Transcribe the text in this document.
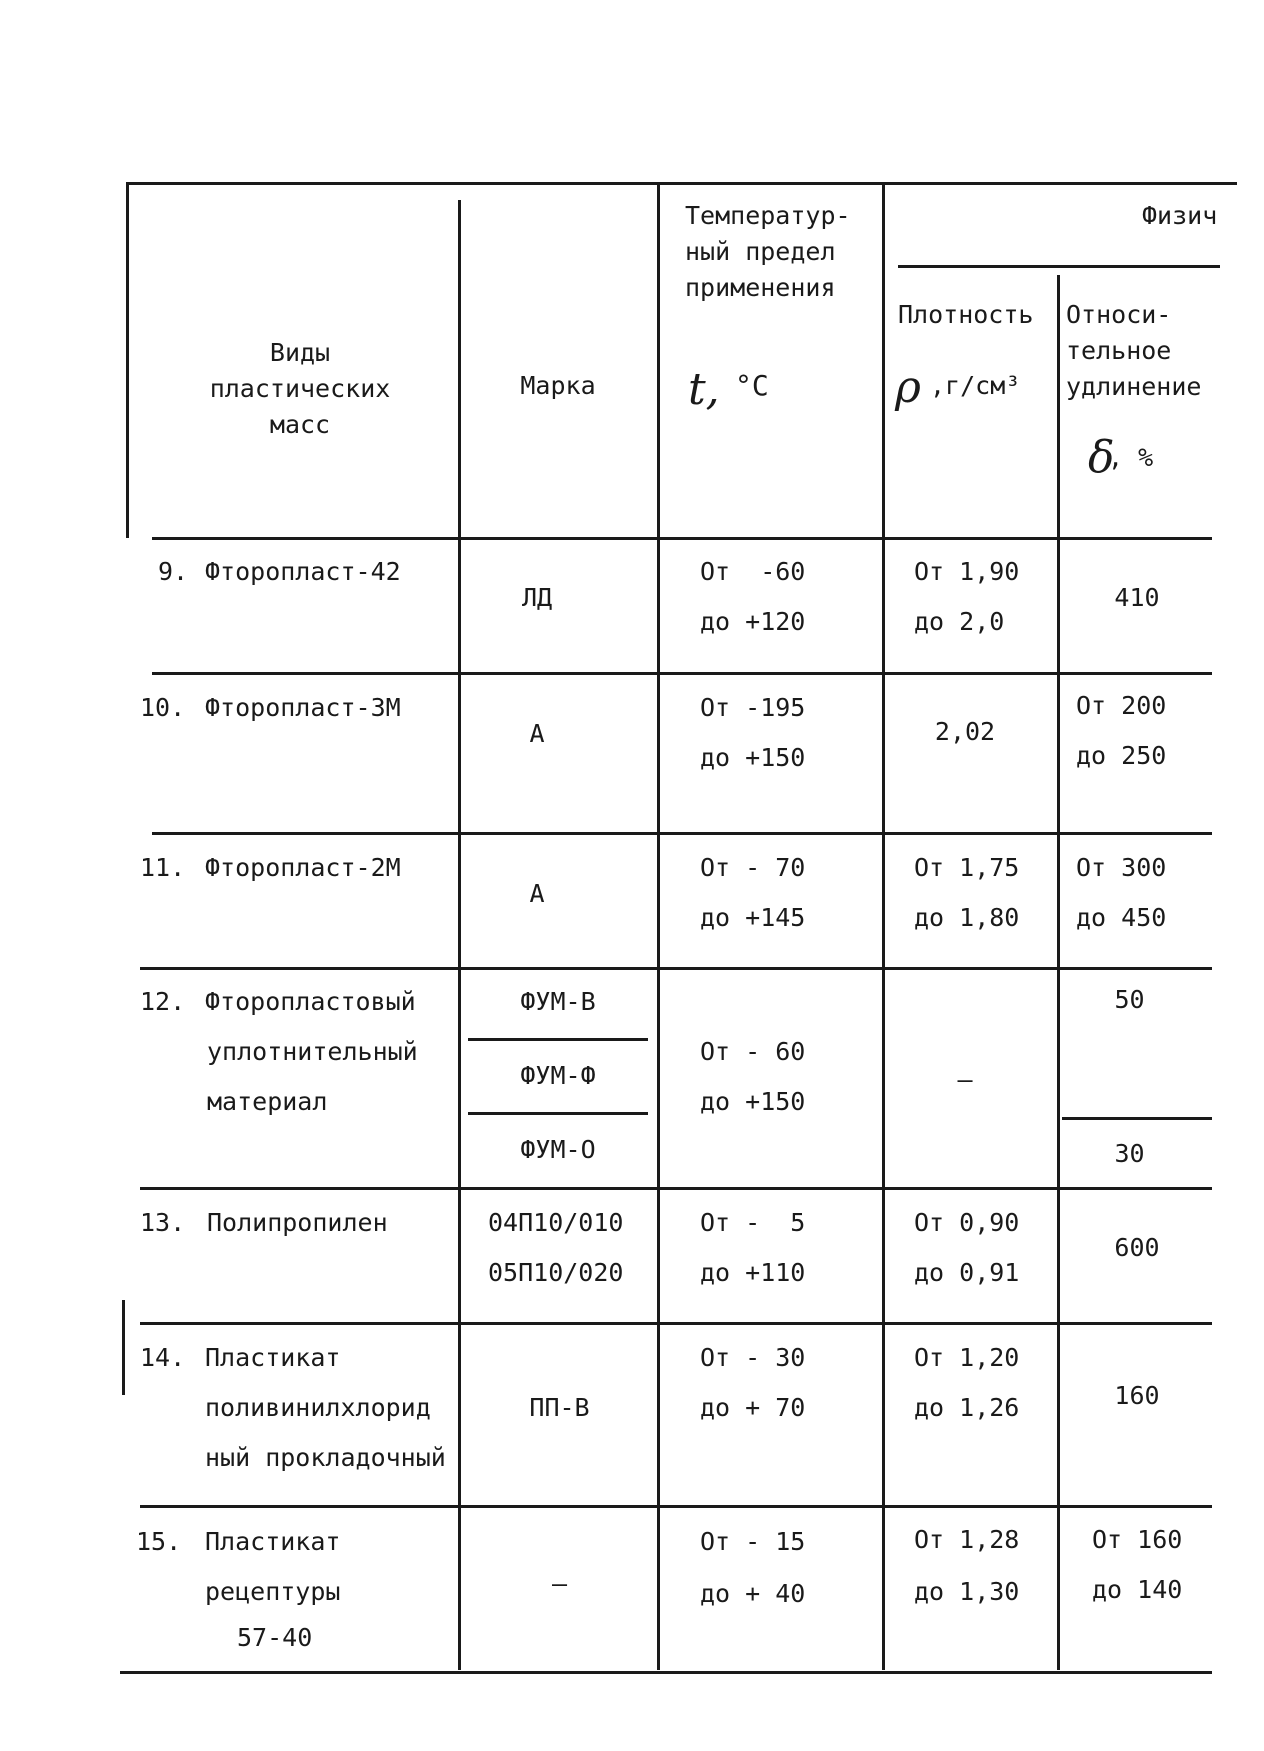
Виды
пластических
масс
Марка
Температур-
ный предел
применения
t, °C
Физич
Плотность
ρ ,г/см³
Относи-
тельное
удлинение
δ
, %
9. Фторопласт-42
ЛД
От  -60
до +120
От 1,90
до 2,0
410
10. Фторопласт-3М
А
От -195
до +150
2,02
От 200
до 250
11. Фторопласт-2М
А
От - 70
до +145
От 1,75
до 1,80
От 300
до 450
12. Фторопластовый
уплотнительный
материал
ФУМ-В
ФУМ-Ф
ФУМ-О
От - 60
до +150
—
50
30
13. Полипропилен	04П10/010
05П10/020
От -  5
до +110
От 0,90
до 0,91
600
14. Пластикат
поливинилхлорид
ный прокладочный
ПП-В
От - 30
до + 70
От 1,20
до 1,26	160
15. Пластикат
рецептуры
57-40
—
От - 15
до + 40
От 1,28
до 1,30
От 160
до 140
